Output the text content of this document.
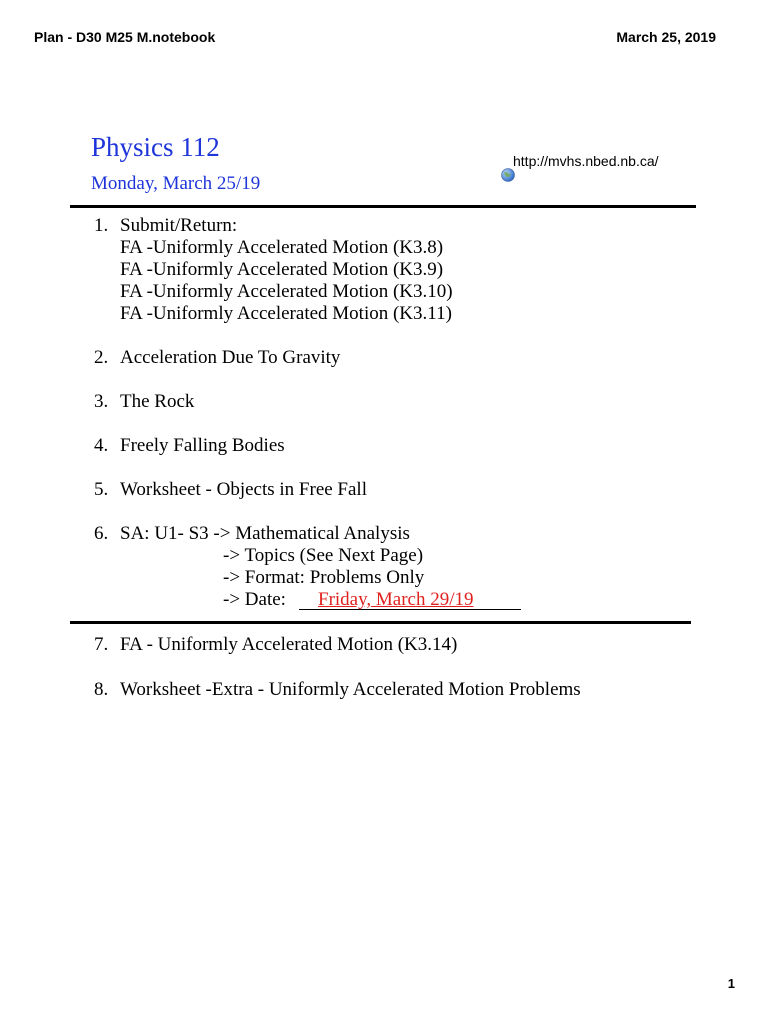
Plan - D30 M25 M.notebook	March 25, 2019
Physics 112
Monday, March 25/19
http://mvhs.nbed.nb.ca/
1. Submit/Return:
FA -Uniformly Accelerated Motion (K3.8)
FA -Uniformly Accelerated Motion (K3.9)
FA -Uniformly Accelerated Motion (K3.10)
FA -Uniformly Accelerated Motion (K3.11)
2. Acceleration Due To Gravity
3. The Rock
4. Freely Falling Bodies
5. Worksheet - Objects in Free Fall
6. SA: U1- S3 -> Mathematical Analysis
-> Topics (See Next Page)
-> Format: Problems Only
-> Date: Friday, March 29/19
7. FA - Uniformly Accelerated Motion (K3.14)
8. Worksheet -Extra - Uniformly Accelerated Motion Problems
1
